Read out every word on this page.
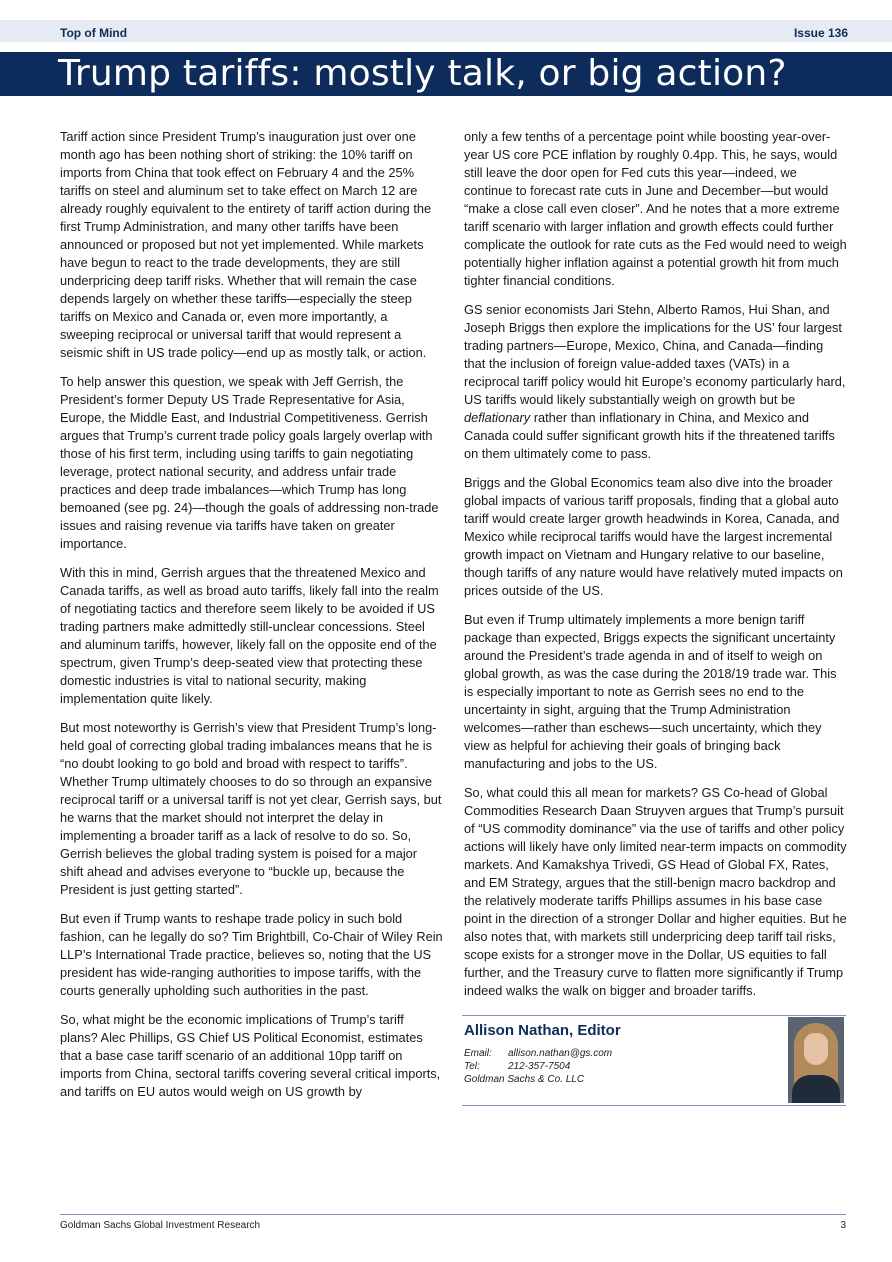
Top of Mind	Issue 136
Trump tariffs: mostly talk, or big action?

Tariff action since President Trump’s inauguration just over one month ago has been nothing short of striking: the 10% tariff on imports from China that took effect on February 4 and the 25% tariffs on steel and aluminum set to take effect on March 12 are already roughly equivalent to the entirety of tariff action during the first Trump Administration, and many other tariffs have been announced or proposed but not yet implemented. While markets have begun to react to the trade developments, they are still underpricing deep tariff risks. Whether that will remain the case depends largely on whether these tariffs—especially the steep tariffs on Mexico and Canada or, even more importantly, a sweeping reciprocal or universal tariff that would represent a seismic shift in US trade policy—end up as mostly talk, or action.

To help answer this question, we speak with Jeff Gerrish, the President’s former Deputy US Trade Representative for Asia, Europe, the Middle East, and Industrial Competitiveness. Gerrish argues that Trump’s current trade policy goals largely overlap with those of his first term, including using tariffs to gain negotiating leverage, protect national security, and address unfair trade practices and deep trade imbalances—which Trump has long bemoaned (see pg. 24)—though the goals of addressing non-trade issues and raising revenue via tariffs have taken on greater importance.

With this in mind, Gerrish argues that the threatened Mexico and Canada tariffs, as well as broad auto tariffs, likely fall into the realm of negotiating tactics and therefore seem likely to be avoided if US trading partners make admittedly still-unclear concessions. Steel and aluminum tariffs, however, likely fall on the opposite end of the spectrum, given Trump’s deep-seated view that protecting these domestic industries is vital to national security, making implementation quite likely.

But most noteworthy is Gerrish’s view that President Trump’s long-held goal of correcting global trading imbalances means that he is “no doubt looking to go bold and broad with respect to tariffs”. Whether Trump ultimately chooses to do so through an expansive reciprocal tariff or a universal tariff is not yet clear, Gerrish says, but he warns that the market should not interpret the delay in implementing a broader tariff as a lack of resolve to do so. So, Gerrish believes the global trading system is poised for a major shift ahead and advises everyone to “buckle up, because the President is just getting started”.

But even if Trump wants to reshape trade policy in such bold fashion, can he legally do so? Tim Brightbill, Co-Chair of Wiley Rein LLP’s International Trade practice, believes so, noting that the US president has wide-ranging authorities to impose tariffs, with the courts generally upholding such authorities in the past.

So, what might be the economic implications of Trump’s tariff plans? Alec Phillips, GS Chief US Political Economist, estimates that a base case tariff scenario of an additional 10pp tariff on imports from China, sectoral tariffs covering several critical imports, and tariffs on EU autos would weigh on US growth by

only a few tenths of a percentage point while boosting year-over-year US core PCE inflation by roughly 0.4pp. This, he says, would still leave the door open for Fed cuts this year—indeed, we continue to forecast rate cuts in June and December—but would “make a close call even closer”. And he notes that a more extreme tariff scenario with larger inflation and growth effects could further complicate the outlook for rate cuts as the Fed would need to weigh potentially higher inflation against a potential growth hit from much tighter financial conditions.

GS senior economists Jari Stehn, Alberto Ramos, Hui Shan, and Joseph Briggs then explore the implications for the US’ four largest trading partners—Europe, Mexico, China, and Canada—finding that the inclusion of foreign value-added taxes (VATs) in a reciprocal tariff policy would hit Europe’s economy particularly hard, US tariffs would likely substantially weigh on growth but be deflationary rather than inflationary in China, and Mexico and Canada could suffer significant growth hits if the threatened tariffs on them ultimately come to pass.

Briggs and the Global Economics team also dive into the broader global impacts of various tariff proposals, finding that a global auto tariff would create larger growth headwinds in Korea, Canada, and Mexico while reciprocal tariffs would have the largest incremental growth impact on Vietnam and Hungary relative to our baseline, though tariffs of any nature would have relatively muted impacts on prices outside of the US.

But even if Trump ultimately implements a more benign tariff package than expected, Briggs expects the significant uncertainty around the President’s trade agenda in and of itself to weigh on global growth, as was the case during the 2018/19 trade war. This is especially important to note as Gerrish sees no end to the uncertainty in sight, arguing that the Trump Administration welcomes—rather than eschews—such uncertainty, which they view as helpful for achieving their goals of bringing back manufacturing and jobs to the US.

So, what could this all mean for markets? GS Co-head of Global Commodities Research Daan Struyven argues that Trump’s pursuit of “US commodity dominance” via the use of tariffs and other policy actions will likely have only limited near-term impacts on commodity markets. And Kamakshya Trivedi, GS Head of Global FX, Rates, and EM Strategy, argues that the still-benign macro backdrop and the relatively moderate tariffs Phillips assumes in his base case point in the direction of a stronger Dollar and higher equities. But he also notes that, with markets still underpricing deep tariff tail risks, scope exists for a stronger move in the Dollar, US equities to fall further, and the Treasury curve to flatten more significantly if Trump indeed walks the walk on bigger and broader tariffs.

Allison Nathan, Editor
Email: allison.nathan@gs.com
Tel:	212-357-7504
Goldman Sachs & Co. LLC
Goldman Sachs Global Investment Research	3
